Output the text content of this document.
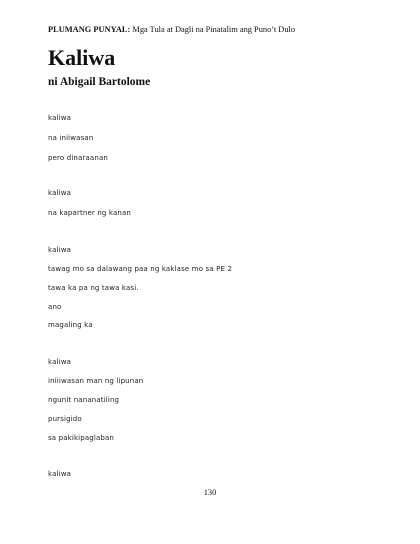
PLUMANG PUNYAL: Mga Tula at Dagli na Pinatalim ang Puno’t Dulo
Kaliwa
ni Abigail Bartolome
kaliwa
na iniiwasan
pero dinaraanan
kaliwa
na kapartner ng kanan
kaliwa
tawag mo sa dalawang paa ng kaklase mo sa PE 2
tawa ka pa ng tawa kasi.
ano
magaling ka
kaliwa
iniiiwasan man ng lipunan
ngunit nananatiling
pursigido
sa pakikipaglaban
kaliwa
130
